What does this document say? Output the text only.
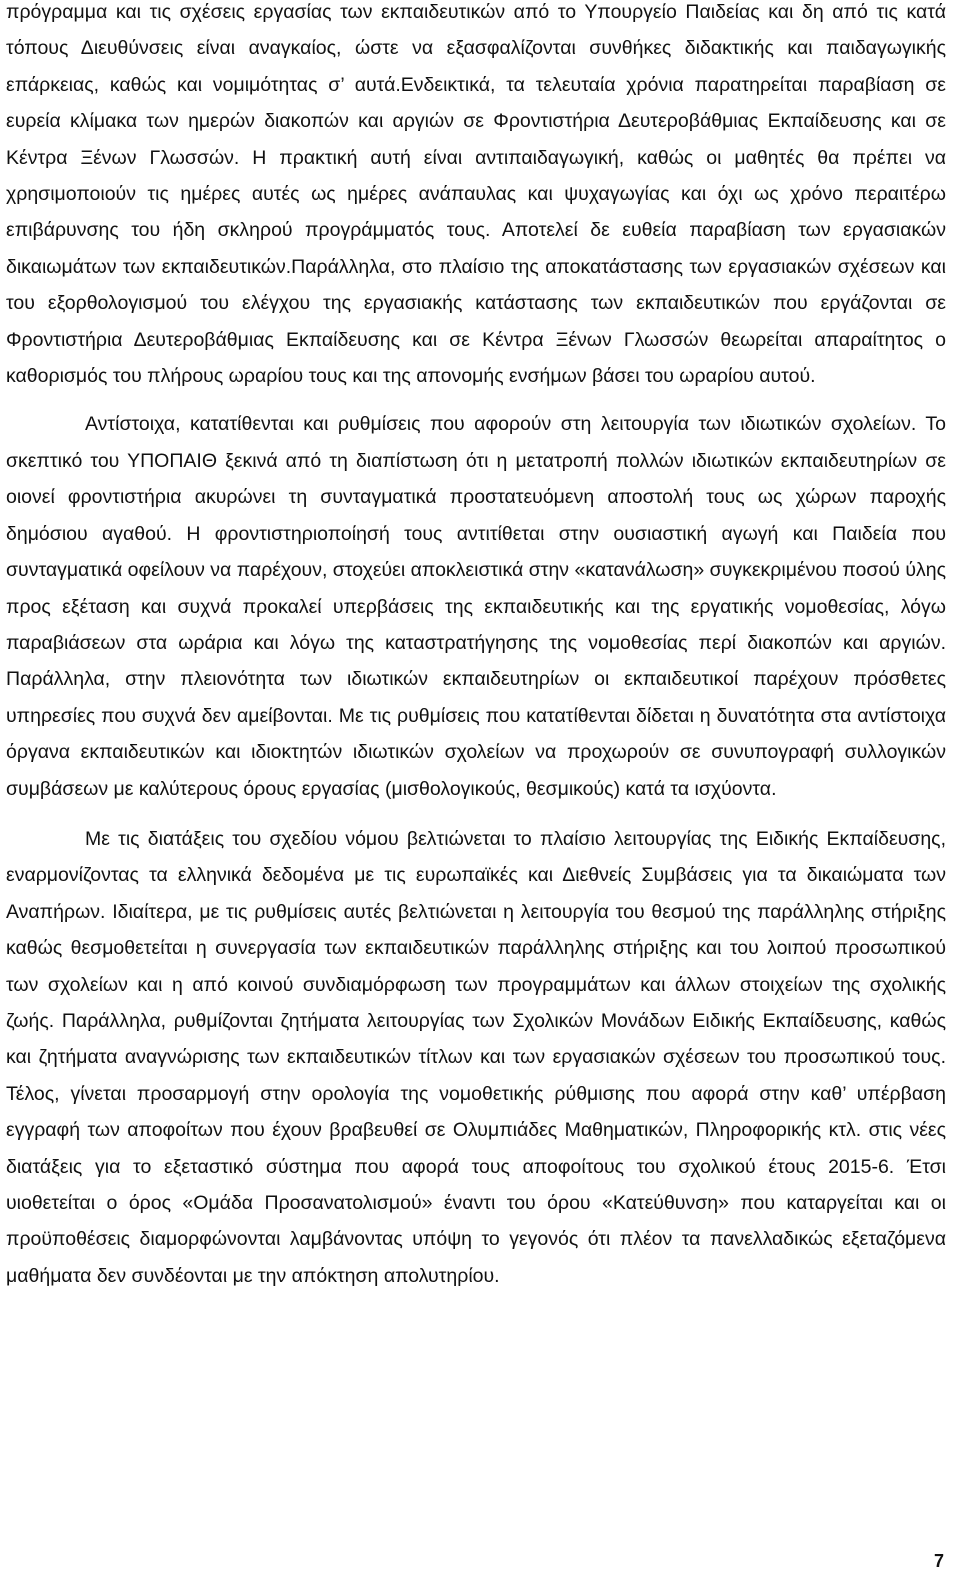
πρόγραμμα και τις σχέσεις εργασίας των εκπαιδευτικών από το Υπουργείο Παιδείας και δη από τις κατά τόπους Διευθύνσεις είναι αναγκαίος, ώστε να εξασφαλίζονται συνθήκες διδακτικής και παιδαγωγικής επάρκειας, καθώς και νομιμότητας σ’ αυτά.Ενδεικτικά, τα τελευταία χρόνια παρατηρείται παραβίαση σε ευρεία κλίμακα των ημερών διακοπών και αργιών σε Φροντιστήρια Δευτεροβάθμιας Εκπαίδευσης και σε Κέντρα Ξένων Γλωσσών. Η πρακτική αυτή είναι αντιπαιδαγωγική, καθώς οι μαθητές θα πρέπει να χρησιμοποιούν τις ημέρες αυτές ως ημέρες ανάπαυλας και ψυχαγωγίας και όχι ως χρόνο περαιτέρω επιβάρυνσης του ήδη σκληρού προγράμματός τους. Αποτελεί δε ευθεία παραβίαση των εργασιακών δικαιωμάτων των εκπαιδευτικών.Παράλληλα, στο πλαίσιο της αποκατάστασης των εργασιακών σχέσεων και του εξορθολογισμού του ελέγχου της εργασιακής κατάστασης των εκπαιδευτικών που εργάζονται σε Φροντιστήρια Δευτεροβάθμιας Εκπαίδευσης και σε Κέντρα Ξένων Γλωσσών θεωρείται απαραίτητος ο καθορισμός του πλήρους ωραρίου τους και της απονομής ενσήμων βάσει του ωραρίου αυτού.

Αντίστοιχα, κατατίθενται και ρυθμίσεις που αφορούν στη λειτουργία των ιδιωτικών σχολείων. Το σκεπτικό του ΥΠΟΠΑΙΘ ξεκινά από τη διαπίστωση ότι η μετατροπή πολλών ιδιωτικών εκπαιδευτηρίων σε οιονεί φροντιστήρια ακυρώνει τη συνταγματικά προστατευόμενη αποστολή τους ως χώρων παροχής δημόσιου αγαθού. Η φροντιστηριοποίησή τους αντιτίθεται στην ουσιαστική αγωγή και Παιδεία που συνταγματικά οφείλουν να παρέχουν, στοχεύει αποκλειστικά στην «κατανάλωση» συγκεκριμένου ποσού ύλης προς εξέταση και συχνά προκαλεί υπερβάσεις της εκπαιδευτικής και της εργατικής νομοθεσίας, λόγω παραβιάσεων στα ωράρια και λόγω της καταστρατήγησης της νομοθεσίας περί διακοπών και αργιών. Παράλληλα, στην πλειονότητα των ιδιωτικών εκπαιδευτηρίων οι εκπαιδευτικοί παρέχουν πρόσθετες υπηρεσίες που συχνά δεν αμείβονται. Με τις ρυθμίσεις που κατατίθενται δίδεται η δυνατότητα στα αντίστοιχα όργανα εκπαιδευτικών και ιδιοκτητών ιδιωτικών σχολείων να προχωρούν σε συνυπογραφή συλλογικών συμβάσεων με καλύτερους όρους εργασίας (μισθολογικούς, θεσμικούς) κατά τα ισχύοντα.

Με τις διατάξεις του σχεδίου νόμου βελτιώνεται το πλαίσιο λειτουργίας της Ειδικής Εκπαίδευσης, εναρμονίζοντας τα ελληνικά δεδομένα με τις ευρωπαϊκές και Διεθνείς Συμβάσεις για τα δικαιώματα των Αναπήρων. Ιδιαίτερα, με τις ρυθμίσεις αυτές βελτιώνεται η λειτουργία του θεσμού της παράλληλης στήριξης καθώς θεσμοθετείται η συνεργασία των εκπαιδευτικών παράλληλης στήριξης και του λοιπού προσωπικού των σχολείων και η από κοινού συνδιαμόρφωση των προγραμμάτων και άλλων στοιχείων της σχολικής ζωής. Παράλληλα, ρυθμίζονται ζητήματα λειτουργίας των Σχολικών Μονάδων Ειδικής Εκπαίδευσης, καθώς και ζητήματα αναγνώρισης των εκπαιδευτικών τίτλων και των εργασιακών σχέσεων του προσωπικού τους. Τέλος, γίνεται προσαρμογή στην ορολογία της νομοθετικής ρύθμισης που αφορά στην καθ’ υπέρβαση εγγραφή των αποφοίτων που έχουν βραβευθεί σε Ολυμπιάδες Μαθηματικών, Πληροφορικής κτλ. στις νέες διατάξεις για το εξεταστικό σύστημα που αφορά τους αποφοίτους του σχολικού έτους 2015-6. Έτσι υιοθετείται ο όρος «Ομάδα Προσανατολισμού» έναντι του όρου «Κατεύθυνση» που καταργείται και οι προϋποθέσεις διαμορφώνονται λαμβάνοντας υπόψη το γεγονός ότι πλέον τα πανελλαδικώς εξεταζόμενα μαθήματα δεν συνδέονται με την απόκτηση απολυτηρίου.

7
